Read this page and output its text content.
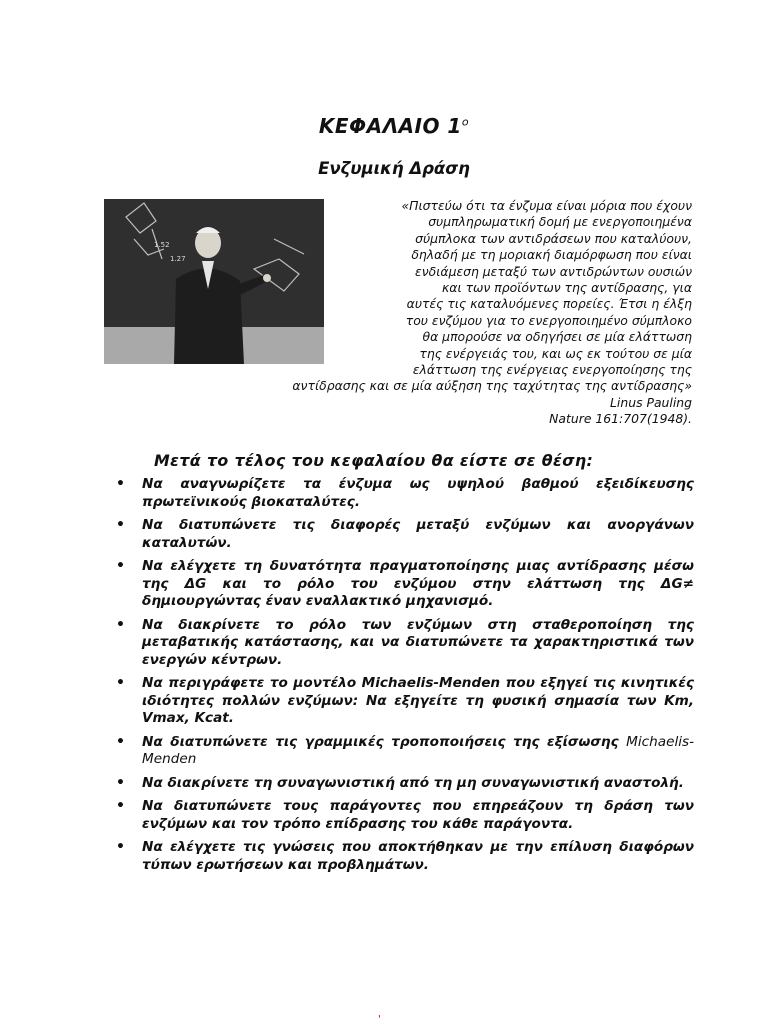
ΚΕΦΑΛΑΙΟ $1^o$
Ενζυμική Δράση
1.52
1.27

«Πιστεύω ότι τα ένζυμα είναι μόρια που έχουν
συμπληρωματική δομή με ενεργοποιημένα
σύμπλοκα των αντιδράσεων που καταλύουν,
δηλαδή με τη μοριακή διαμόρφωση που είναι
ενδιάμεση μεταξύ των αντιδρώντων ουσιών
και των προϊόντων της αντίδρασης, για
αυτές τις καταλυόμενες πορείες. Έτσι η έλξη
του ενζύμου για το ενεργοποιημένο σύμπλοκο
θα μπορούσε να οδηγήσει σε μία ελάττωση
της ενέργειάς του, και ως εκ τούτου σε μία
ελάττωση της ενέργειας ενεργοποίησης της
αντίδρασης και σε μία αύξηση της ταχύτητας της αντίδρασης»

Linus Pauling
Nature 161:707(1948).
Μετά το τέλος του κεφαλαίου θα είστε σε θέση:
• Να αναγνωρίζετε τα ένζυμα ως υψηλού βαθμού εξειδίκευσης πρωτεϊνικούς βιοκαταλύτες.
• Να διατυπώνετε τις διαφορές μεταξύ ενζύμων και ανοργάνων καταλυτών.
• Να ελέγχετε τη δυνατότητα πραγματοποίησης μιας αντίδρασης μέσω της ΔG και το ρόλο του ενζύμου στην ελάττωση της ΔG≠ δημιουργώντας έναν εναλλακτικό μηχανισμό.
• Να διακρίνετε το ρόλο των ενζύμων στη σταθεροποίηση της μεταβατικής κατάστασης, και να διατυπώνετε τα χαρακτηριστικά των ενεργών κέντρων.
• Να περιγράφετε το μοντέλο Michaelis-Menden που εξηγεί τις κινητικές ιδιότητες πολλών ενζύμων: Να εξηγείτε τη φυσική σημασία των Km, Vmax, Kcat.
• Να διατυπώνετε τις γραμμικές τροποποιήσεις της εξίσωσης Michaelis-Menden
• Να διακρίνετε τη συναγωνιστική από τη μη συναγωνιστική αναστολή.
• Να διατυπώνετε τους παράγοντες που επηρεάζουν τη δράση των ενζύμων και τον τρόπο επίδρασης του κάθε παράγοντα.
• Να ελέγχετε τις γνώσεις που αποκτήθηκαν με την επίλυση διαφόρων τύπων ερωτήσεων και προβλημάτων.
'
